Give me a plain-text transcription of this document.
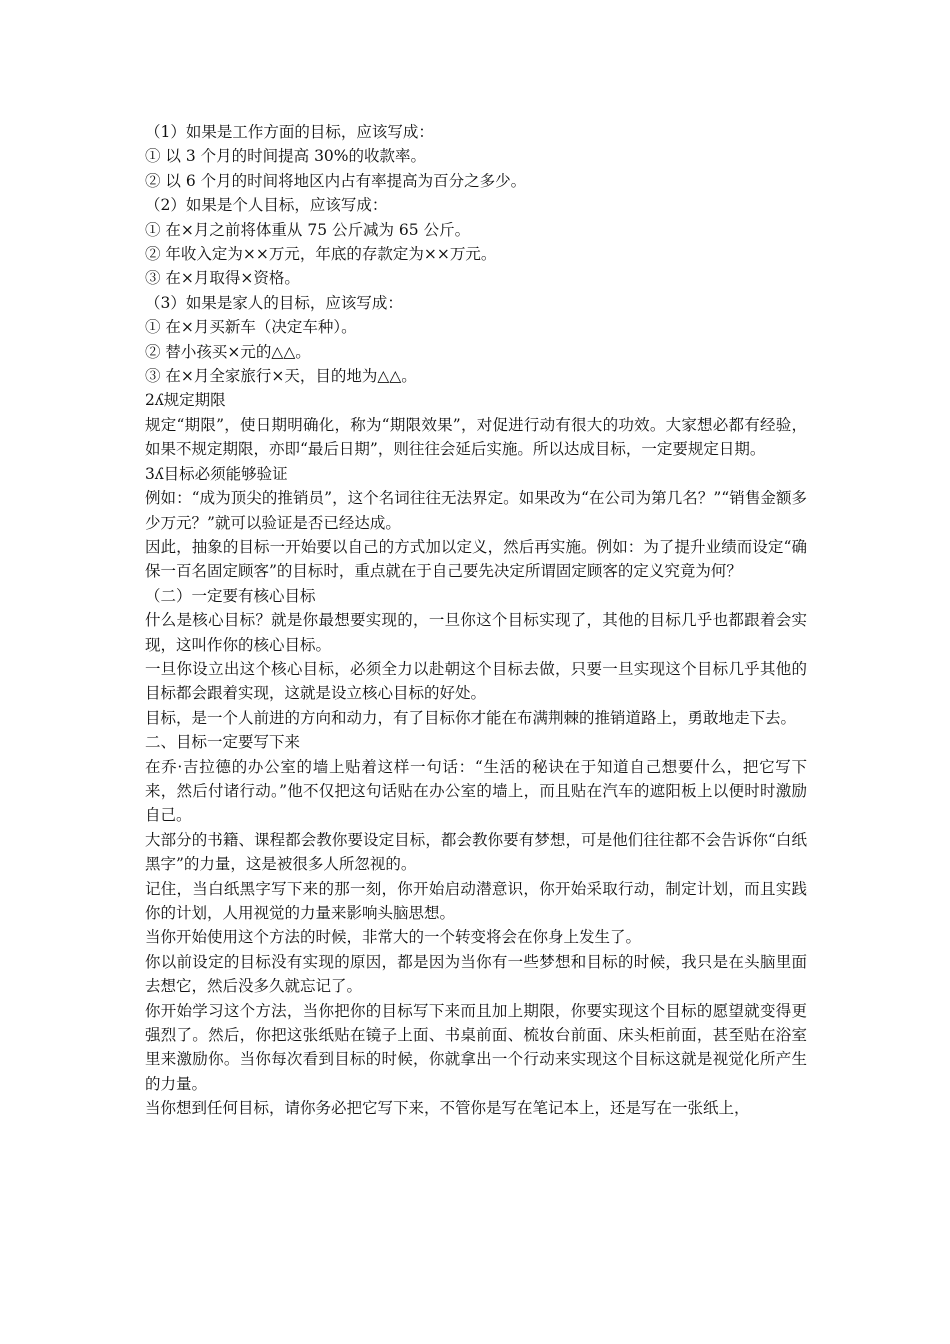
（1）如果是工作方面的目标，应该写成：

① 以 3 个月的时间提高 30%的收款率。

② 以 6 个月的时间将地区内占有率提高为百分之多少。

（2）如果是个人目标，应该写成：

① 在×月之前将体重从 75 公斤减为 65 公斤。

② 年收入定为××万元，年底的存款定为××万元。

③ 在×月取得×资格。

（3）如果是家人的目标，应该写成：

① 在×月买新车（决定车种）。

② 替小孩买×元的△△。

③ 在×月全家旅行×天，目的地为△△。

2ʎ规定期限

规定“期限”，使日期明确化，称为“期限效果”，对促进行动有很大的功效。大家想必都有经验，如果不规定期限，亦即“最后日期”，则往往会延后实施。所以达成目标，一定要规定日期。

3ʎ目标必须能够验证

例如：“成为顶尖的推销员”，这个名词往往无法界定。如果改为“在公司为第几名？”“销售金额多少万元？”就可以验证是否已经达成。

因此，抽象的目标一开始要以自己的方式加以定义，然后再实施。例如：为了提升业绩而设定“确保一百名固定顾客”的目标时，重点就在于自己要先决定所谓固定顾客的定义究竟为何？

（二）一定要有核心目标

什么是核心目标？就是你最想要实现的，一旦你这个目标实现了，其他的目标几乎也都跟着会实现，这叫作你的核心目标。

一旦你设立出这个核心目标，必须全力以赴朝这个目标去做，只要一旦实现这个目标几乎其他的目标都会跟着实现，这就是设立核心目标的好处。

目标，是一个人前进的方向和动力，有了目标你才能在布满荆棘的推销道路上，勇敢地走下去。

二、目标一定要写下来

在乔·吉拉德的办公室的墙上贴着这样一句话：“生活的秘诀在于知道自己想要什么，把它写下来，然后付诸行动。”他不仅把这句话贴在办公室的墙上，而且贴在汽车的遮阳板上以便时时激励自己。

大部分的书籍、课程都会教你要设定目标，都会教你要有梦想，可是他们往往都不会告诉你“白纸黑字”的力量，这是被很多人所忽视的。

记住，当白纸黑字写下来的那一刻，你开始启动潜意识，你开始采取行动，制定计划，而且实践你的计划，人用视觉的力量来影响头脑思想。

当你开始使用这个方法的时候，非常大的一个转变将会在你身上发生了。

你以前设定的目标没有实现的原因，都是因为当你有一些梦想和目标的时候，我只是在头脑里面去想它，然后没多久就忘记了。

你开始学习这个方法，当你把你的目标写下来而且加上期限，你要实现这个目标的愿望就变得更强烈了。然后，你把这张纸贴在镜子上面、书桌前面、梳妆台前面、床头柜前面，甚至贴在浴室里来激励你。当你每次看到目标的时候，你就拿出一个行动来实现这个目标这就是视觉化所产生的力量。

当你想到任何目标，请你务必把它写下来，不管你是写在笔记本上，还是写在一张纸上，
